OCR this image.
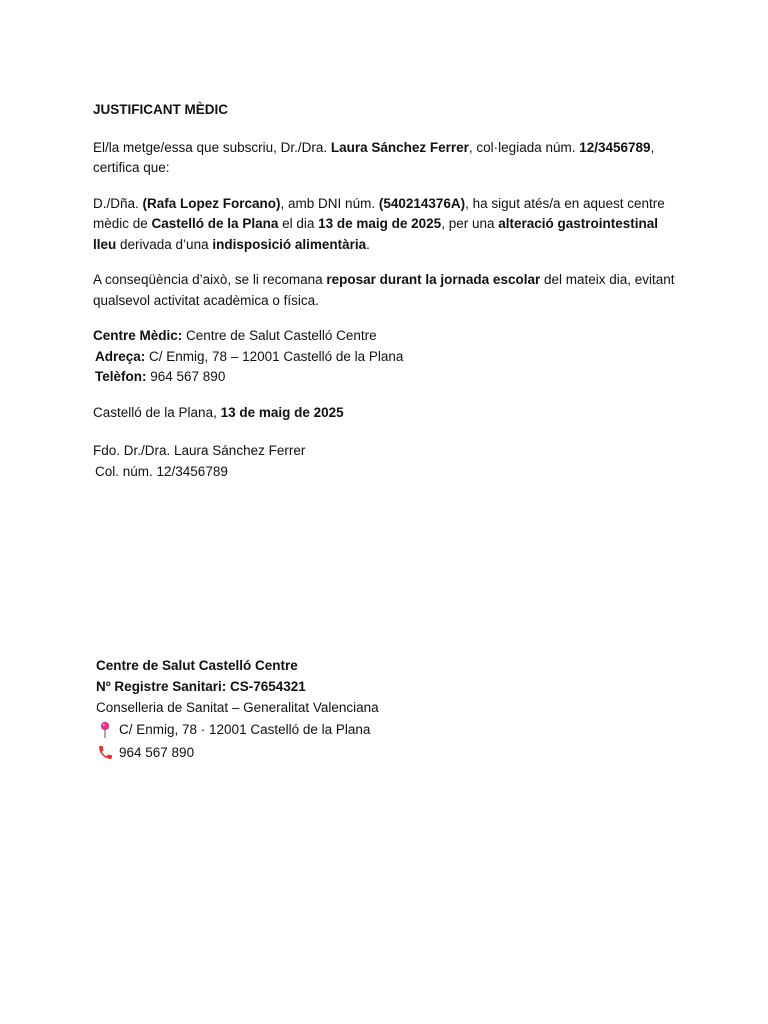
JUSTIFICANT MÈDIC

El/la metge/essa que subscriu, Dr./Dra. Laura Sánchez Ferrer, col·legiada núm. 12/3456789, certifica que:

D./Dña. (Rafa Lopez Forcano), amb DNI núm. (540214376A), ha sigut atés/a en aquest centre mèdic de Castelló de la Plana el dia 13 de maig de 2025, per una alteració gastrointestinal lleu derivada d’una indisposició alimentària.

A conseqüència d’això, se li recomana reposar durant la jornada escolar del mateix dia, evitant qualsevol activitat acadèmica o física.

Centre Mèdic: Centre de Salut Castelló Centre
Adreça: C/ Enmig, 78 – 12001 Castelló de la Plana
Telèfon: 964 567 890

Castelló de la Plana, 13 de maig de 2025

Fdo. Dr./Dra. Laura Sánchez Ferrer
Col. núm. 12/3456789
Centre de Salut Castelló Centre
Nº Registre Sanitari: CS-7654321
Conselleria de Sanitat – Generalitat Valenciana
C/ Enmig, 78 · 12001 Castelló de la Plana
964 567 890
